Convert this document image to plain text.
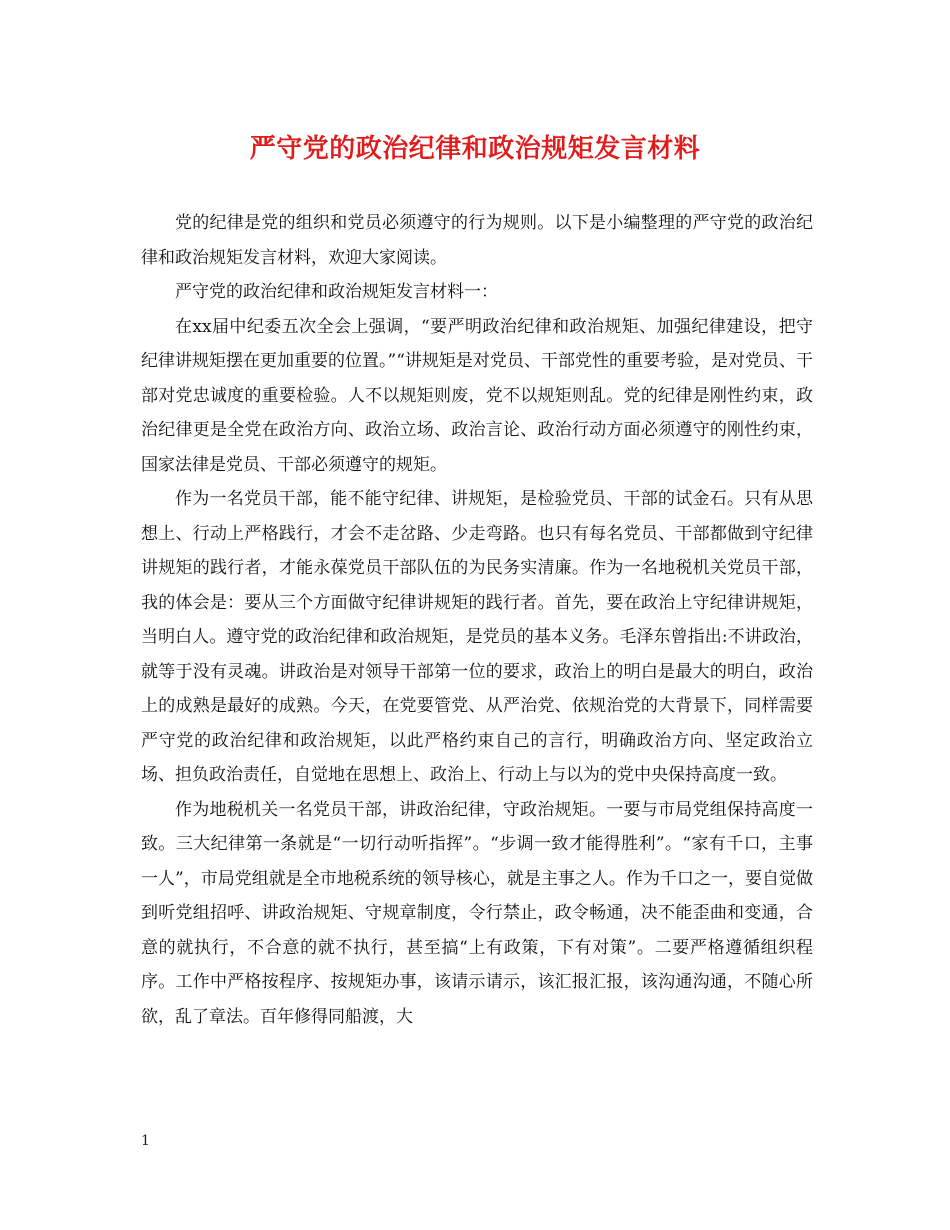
严守党的政治纪律和政治规矩发言材料

党的纪律是党的组织和党员必须遵守的行为规则。以下是小编整理的严守党的政治纪律和政治规矩发言材料，欢迎大家阅读。

严守党的政治纪律和政治规矩发言材料一：

在xx届中纪委五次全会上强调，“要严明政治纪律和政治规矩、加强纪律建设，把守纪律讲规矩摆在更加重要的位置。”“讲规矩是对党员、干部党性的重要考验，是对党员、干部对党忠诚度的重要检验。人不以规矩则废，党不以规矩则乱。党的纪律是刚性约束，政治纪律更是全党在政治方向、政治立场、政治言论、政治行动方面必须遵守的刚性约束，国家法律是党员、干部必须遵守的规矩。

作为一名党员干部，能不能守纪律、讲规矩，是检验党员、干部的试金石。只有从思想上、行动上严格践行，才会不走岔路、少走弯路。也只有每名党员、干部都做到守纪律讲规矩的践行者，才能永葆党员干部队伍的为民务实清廉。作为一名地税机关党员干部，我的体会是：要从三个方面做守纪律讲规矩的践行者。首先，要在政治上守纪律讲规矩，当明白人。遵守党的政治纪律和政治规矩，是党员的基本义务。毛泽东曾指出:不讲政治，就等于没有灵魂。讲政治是对领导干部第一位的要求，政治上的明白是最大的明白，政治上的成熟是最好的成熟。今天，在党要管党、从严治党、依规治党的大背景下，同样需要严守党的政治纪律和政治规矩，以此严格约束自己的言行，明确政治方向、坚定政治立场、担负政治责任，自觉地在思想上、政治上、行动上与以为的党中央保持高度一致。

作为地税机关一名党员干部，讲政治纪律，守政治规矩。一要与市局党组保持高度一致。三大纪律第一条就是“一切行动听指挥”。“步调一致才能得胜利”。“家有千口，主事一人”，市局党组就是全市地税系统的领导核心，就是主事之人。作为千口之一，要自觉做到听党组招呼、讲政治规矩、守规章制度，令行禁止，政令畅通，决不能歪曲和变通，合意的就执行，不合意的就不执行，甚至搞“上有政策，下有对策”。二要严格遵循组织程序。工作中严格按程序、按规矩办事，该请示请示，该汇报汇报，该沟通沟通，不随心所欲，乱了章法。百年修得同船渡，大

1
